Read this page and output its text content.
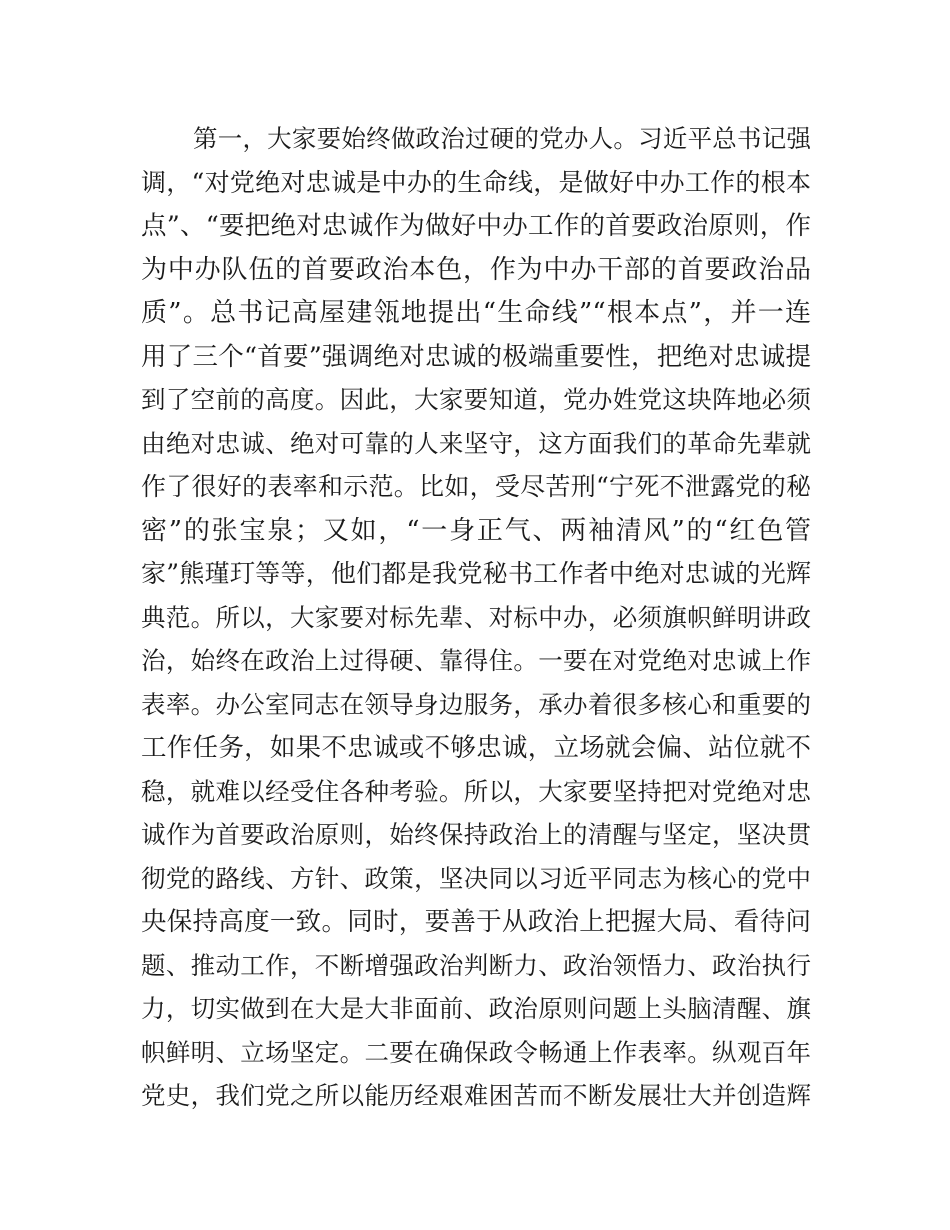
第一，大家要始终做政治过硬的党办人。习近平总书记强
调，“对党绝对忠诚是中办的生命线，是做好中办工作的根本
点”、“要把绝对忠诚作为做好中办工作的首要政治原则，作
为中办队伍的首要政治本色，作为中办干部的首要政治品
质”。总书记高屋建瓴地提出“生命线”“根本点”，并一连
用了三个“首要”强调绝对忠诚的极端重要性，把绝对忠诚提
到了空前的高度。因此，大家要知道，党办姓党这块阵地必须
由绝对忠诚、绝对可靠的人来坚守，这方面我们的革命先辈就
作了很好的表率和示范。比如，受尽苦刑“宁死不泄露党的秘
密”的张宝泉；又如，“一身正气、两袖清风”的“红色管
家”熊瑾玎等等，他们都是我党秘书工作者中绝对忠诚的光辉
典范。所以，大家要对标先辈、对标中办，必须旗帜鲜明讲政
治，始终在政治上过得硬、靠得住。一要在对党绝对忠诚上作
表率。办公室同志在领导身边服务，承办着很多核心和重要的
工作任务，如果不忠诚或不够忠诚，立场就会偏、站位就不
稳，就难以经受住各种考验。所以，大家要坚持把对党绝对忠
诚作为首要政治原则，始终保持政治上的清醒与坚定，坚决贯
彻党的路线、方针、政策，坚决同以习近平同志为核心的党中
央保持高度一致。同时，要善于从政治上把握大局、看待问
题、推动工作，不断增强政治判断力、政治领悟力、政治执行
力，切实做到在大是大非面前、政治原则问题上头脑清醒、旗
帜鲜明、立场坚定。二要在确保政令畅通上作表率。纵观百年
党史，我们党之所以能历经艰难困苦而不断发展壮大并创造辉
